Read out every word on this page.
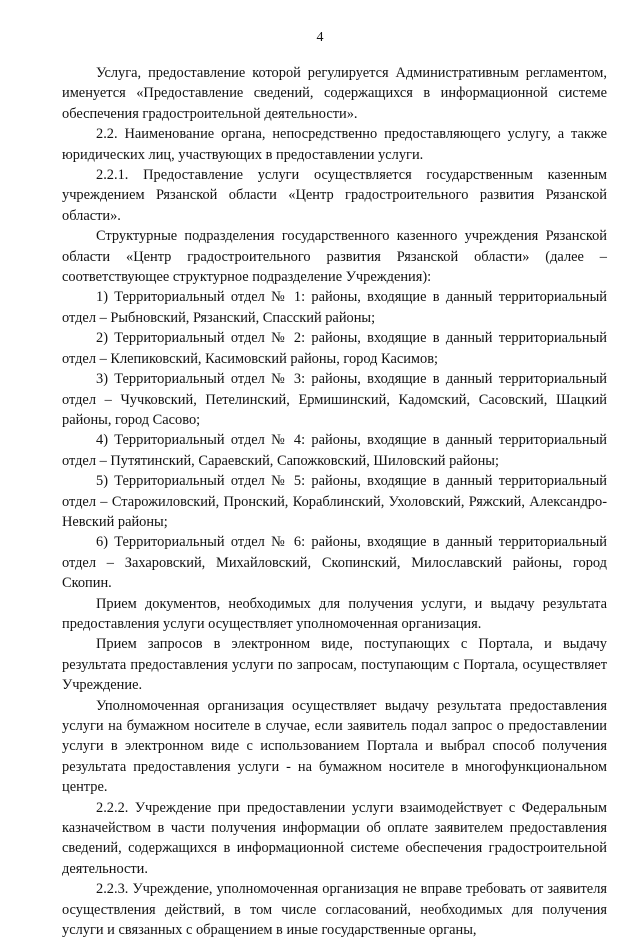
4

Услуга, предоставление которой регулируется Административным регламентом, именуется «Предоставление сведений, содержащихся в информационной системе обеспечения градостроительной деятельности».

2.2. Наименование органа, непосредственно предоставляющего услугу, а также юридических лиц, участвующих в предоставлении услуги.

2.2.1. Предоставление услуги осуществляется государственным казенным учреждением Рязанской области «Центр градостроительного развития Рязанской области».

Структурные подразделения государственного казенного учреждения Рязанской области «Центр градостроительного развития Рязанской области» (далее – соответствующее структурное подразделение Учреждения):

1) Территориальный отдел № 1: районы, входящие в данный территориальный отдел – Рыбновский, Рязанский, Спасский районы;

2) Территориальный отдел № 2: районы, входящие в данный территориальный отдел – Клепиковский, Касимовский районы, город Касимов;

3) Территориальный отдел № 3: районы, входящие в данный территориальный отдел – Чучковский, Петелинский, Ермишинский, Кадомский, Сасовский, Шацкий районы, город Сасово;

4) Территориальный отдел № 4: районы, входящие в данный территориальный отдел – Путятинский, Сараевский, Сапожковский, Шиловский районы;

5) Территориальный отдел № 5: районы, входящие в данный территориальный отдел – Старожиловский, Пронский, Кораблинский, Ухоловский, Ряжский, Александро-Невский районы;

6) Территориальный отдел № 6: районы, входящие в данный территориальный отдел – Захаровский, Михайловский, Скопинский, Милославский районы, город Скопин.

Прием документов, необходимых для получения услуги, и выдачу результата предоставления услуги осуществляет уполномоченная организация.

Прием запросов в электронном виде, поступающих с Портала, и выдачу результата предоставления услуги по запросам, поступающим с Портала, осуществляет Учреждение.

Уполномоченная организация осуществляет выдачу результата предоставления услуги на бумажном носителе в случае, если заявитель подал запрос о предоставлении услуги в электронном виде с использованием Портала и выбрал способ получения результата предоставления услуги - на бумажном носителе в многофункциональном центре.

2.2.2. Учреждение при предоставлении услуги взаимодействует с Федеральным казначейством в части получения информации об оплате заявителем предоставления сведений, содержащихся в информационной системе обеспечения градостроительной деятельности.

2.2.3. Учреждение, уполномоченная организация не вправе требовать от заявителя осуществления действий, в том числе согласований, необходимых для получения услуги и связанных с обращением в иные государственные органы,
